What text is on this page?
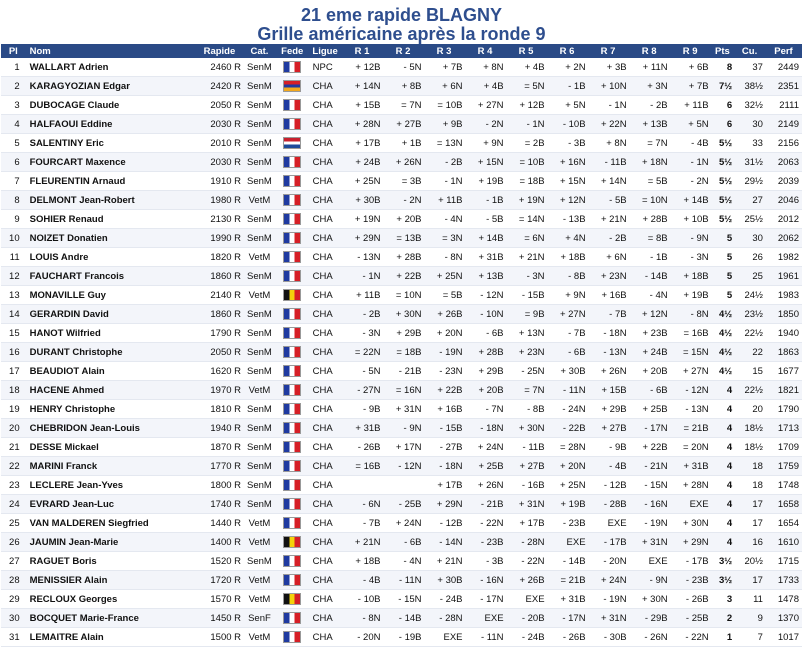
21 eme rapide BLAGNY
Grille américaine après la ronde 9
Pl	Nom	Rapide	Cat.	Fede	Ligue	R 1	R 2	R 3	R 4	R 5	R 6	R 7	R 8	R 9	Pts	Cu.	Perf
1	WALLART Adrien	2460 R	SenM		NPC	+ 12B	- 5N	+ 7B	+ 8N	+ 4B	+ 2N	+ 3B	+ 11N	+ 6B	8	37	2449
2	KARAGYOZIAN Edgar	2420 R	SenM		CHA	+ 14N	+ 8B	+ 6N	+ 4B	= 5N	- 1B	+ 10N	+ 3N	+ 7B	7½	38½	2351
3	DUBOCAGE Claude	2050 R	SenM		CHA	+ 15B	= 7N	= 10B	+ 27N	+ 12B	+ 5N	- 1N	- 2B	+ 11B	6	32½	2111
4	HALFAOUI Eddine	2030 R	SenM		CHA	+ 28N	+ 27B	+ 9B	- 2N	- 1N	- 10B	+ 22N	+ 13B	+ 5N	6	30	2149
5	SALENTINY Eric	2010 R	SenM		CHA	+ 17B	+ 1B	= 13N	+ 9N	= 2B	- 3B	+ 8N	= 7N	- 4B	5½	33	2156
6	FOURCART Maxence	2030 R	SenM		CHA	+ 24B	+ 26N	- 2B	+ 15N	= 10B	+ 16N	- 11B	+ 18N	- 1N	5½	31½	2063
7	FLEURENTIN Arnaud	1910 R	SenM		CHA	+ 25N	= 3B	- 1N	+ 19B	= 18B	+ 15N	+ 14N	= 5B	- 2N	5½	29½	2039
8	DELMONT Jean-Robert	1980 R	VetM		CHA	+ 30B	- 2N	+ 11B	- 1B	+ 19N	+ 12N	- 5B	= 10N	+ 14B	5½	27	2046
9	SOHIER Renaud	2130 R	SenM		CHA	+ 19N	+ 20B	- 4N	- 5B	= 14N	- 13B	+ 21N	+ 28B	+ 10B	5½	25½	2012
10	NOIZET Donatien	1990 R	SenM		CHA	+ 29N	= 13B	= 3N	+ 14B	= 6N	+ 4N	- 2B	= 8B	- 9N	5	30	2062
11	LOUIS Andre	1820 R	VetM		CHA	- 13N	+ 28B	- 8N	+ 31B	+ 21N	+ 18B	+ 6N	- 1B	- 3N	5	26	1982
12	FAUCHART Francois	1860 R	SenM		CHA	- 1N	+ 22B	+ 25N	+ 13B	- 3N	- 8B	+ 23N	- 14B	+ 18B	5	25	1961
13	MONAVILLE Guy	2140 R	VetM		CHA	+ 11B	= 10N	= 5B	- 12N	- 15B	+ 9N	+ 16B	- 4N	+ 19B	5	24½	1983
14	GERARDIN David	1860 R	SenM		CHA	- 2B	+ 30N	+ 26B	- 10N	= 9B	+ 27N	- 7B	+ 12N	- 8N	4½	23½	1850
15	HANOT Wilfried	1790 R	SenM		CHA	- 3N	+ 29B	+ 20N	- 6B	+ 13N	- 7B	- 18N	+ 23B	= 16B	4½	22½	1940
16	DURANT Christophe	2050 R	SenM		CHA	= 22N	= 18B	- 19N	+ 28B	+ 23N	- 6B	- 13N	+ 24B	= 15N	4½	22	1863
17	BEAUDIOT Alain	1620 R	SenM		CHA	- 5N	- 21B	- 23N	+ 29B	- 25N	+ 30B	+ 26N	+ 20B	+ 27N	4½	15	1677
18	HACENE Ahmed	1970 R	VetM		CHA	- 27N	= 16N	+ 22B	+ 20B	= 7N	- 11N	+ 15B	- 6B	- 12N	4	22½	1821
19	HENRY Christophe	1810 R	SenM		CHA	- 9B	+ 31N	+ 16B	- 7N	- 8B	- 24N	+ 29B	+ 25B	- 13N	4	20	1790
20	CHEBRIDON Jean-Louis	1940 R	SenM		CHA	+ 31B	- 9N	- 15B	- 18N	+ 30N	- 22B	+ 27B	- 17N	= 21B	4	18½	1713
21	DESSE Mickael	1870 R	SenM		CHA	- 26B	+ 17N	- 27B	+ 24N	- 11B	= 28N	- 9B	+ 22B	= 20N	4	18½	1709
22	MARINI Franck	1770 R	SenM		CHA	= 16B	- 12N	- 18N	+ 25B	+ 27B	+ 20N	- 4B	- 21N	+ 31B	4	18	1759
23	LECLERE Jean-Yves	1800 R	SenM		CHA			+ 17B	+ 26N	- 16B	+ 25N	- 12B	- 15N	+ 28N	4	18	1748
24	EVRARD Jean-Luc	1740 R	SenM		CHA	- 6N	- 25B	+ 29N	- 21B	+ 31N	+ 19B	- 28B	- 16N	EXE	4	17	1658
25	VAN MALDEREN Siegfried	1440 R	VetM		CHA	- 7B	+ 24N	- 12B	- 22N	+ 17B	- 23B	EXE	- 19N	+ 30N	4	17	1654
26	JAUMIN Jean-Marie	1400 R	VetM		CHA	+ 21N	- 6B	- 14N	- 23B	- 28N	EXE	- 17B	+ 31N	+ 29N	4	16	1610
27	RAGUET Boris	1520 R	SenM		CHA	+ 18B	- 4N	+ 21N	- 3B	- 22N	- 14B	- 20N	EXE	- 17B	3½	20½	1715
28	MENISSIER Alain	1720 R	VetM		CHA	- 4B	- 11N	+ 30B	- 16N	+ 26B	= 21B	+ 24N	- 9N	- 23B	3½	17	1733
29	RECLOUX Georges	1570 R	VetM		CHA	- 10B	- 15N	- 24B	- 17N	EXE	+ 31B	- 19N	+ 30N	- 26B	3	11	1478
30	BOCQUET Marie-France	1450 R	SenF		CHA	- 8N	- 14B	- 28N	EXE	- 20B	- 17N	+ 31N	- 29B	- 25B	2	9	1370
31	LEMAITRE Alain	1500 R	VetM		CHA	- 20N	- 19B	EXE	- 11N	- 24B	- 26B	- 30B	- 26N	- 22N	1	7	1017
